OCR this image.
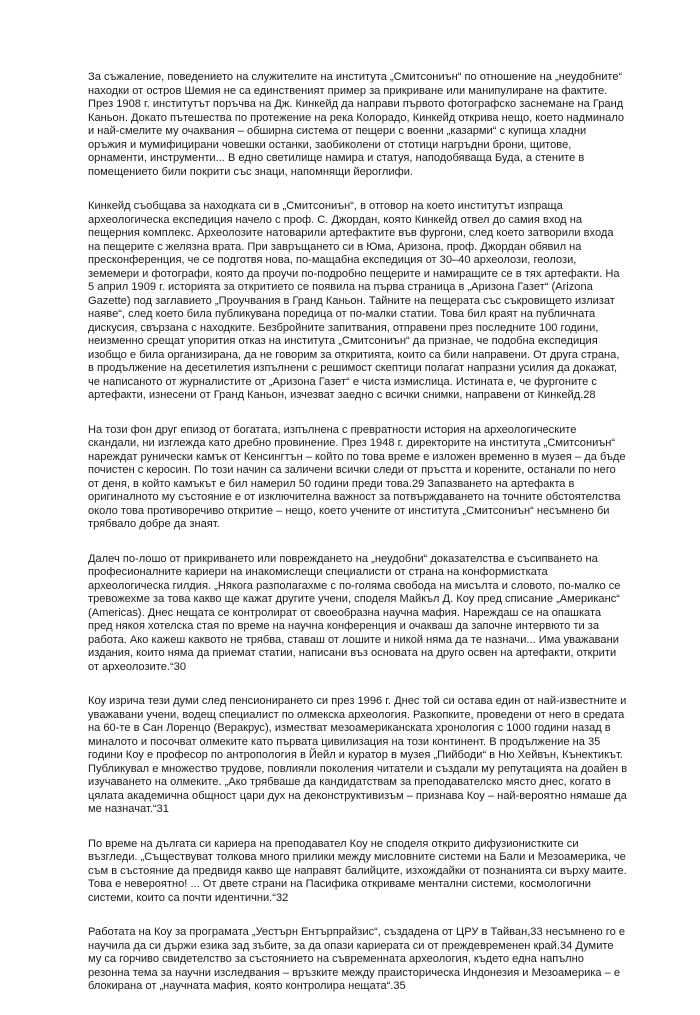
За съжаление, поведението на служителите на института „Смитсониън“ по отношение на „неудобните“ находки от остров Шемия не са единственият пример за прикриване или манипулиране на фактите. През 1908 г. институтът поръчва на Дж. Кинкейд да направи първото фотографско заснемане на Гранд Каньон. Докато пътешества по протежение на река Колорадо, Кинкейд открива нещо, което надминало и най-смелите му очаквания – обширна система от пещери с военни „казарми“ с купища хладни оръжия и мумифицирани човешки останки, заобиколени от стотици нагръдни брони, щитове, орнаменти, инструменти... В едно светилище намира и статуя, наподобяваща Буда, а стените в помещението били покрити със знаци, напомнящи йероглифи.

Кинкейд съобщава за находката си в „Смитсониън“, в отговор на което институтът изпраща археологическа експедиция начело с проф. С. Джордан, която Кинкейд отвел до самия вход на пещерния комплекс. Археолозите натоварили артефактите във фургони, след което затворили входа на пещерите с желязна врата. При завръщането си в Юма, Аризона, проф. Джордан обявил на пресконференция, че се подготвя нова, по-мащабна експедиция от 30–40 археолози, геолози, земемери и фотографи, която да проучи по-подробно пещерите и намиращите се в тях артефакти. На 5 април 1909 г. историята за откритието се появила на първа страница в „Аризона Газет“ (Arizona Gazette) под заглавието „Проучвания в Гранд Каньон. Тайните на пещерата със съкровището излизат наяве“, след което била публикувана поредица от по-малки статии. Това бил краят на публичната дискусия, свързана с находките. Безбройните запитвания, отправени през последните 100 години, неизменно срещат упорития отказ на института „Смитсониън“ да признае, че подобна експедиция изобщо е била организирана, да не говорим за откритията, които са били направени. От друга страна, в продължение на десетилетия изпълнени с решимост скептици полагат напразни усилия да докажат, че написаното от журналистите от „Аризона Газет“ е чиста измислица. Истината е, че фургоните с артефакти, изнесени от Гранд Каньон, изчезват заедно с всички снимки, направени от Кинкейд.28

На този фон друг епизод от богатата, изпълнена с превратности история на археологическите скандали, ни изглежда като дребно провинение. През 1948 г. директорите на института „Смитсониън“ нареждат рунически камък от Кенсингтън – който по това време е изложен временно в музея – да бъде почистен с керосин. По този начин са заличени всички следи от пръстта и корените, останали по него от деня, в който камъкът е бил намерил 50 години преди това.29 Запазването на артефакта в оригиналното му състояние е от изключителна важност за потвърждаването на точните обстоятелства около това противоречиво откритие – нещо, което учените от института „Смитсониън“ несъмнено би трябвало добре да знаят.

Далеч по-лошо от прикриването или повреждането на „неудобни“ доказателства е съсипването на професионалните кариери на инакомислещи специалисти от страна на конформистката археологическа гилдия. „Някога разполагахме с по-голяма свобода на мисълта и словото, по-малко се тревожехме за това какво ще кажат другите учени, споделя Майкъл Д. Коу пред списание „Американс“ (Americas). Днес нещата се контролират от своеобразна научна мафия. Нареждаш се на опашката пред някоя хотелска стая по време на научна конференция и очакваш да започне интервюто ти за работа. Ако кажеш каквото не трябва, ставаш от лошите и никой няма да те назначи... Има уважавани издания, които няма да приемат статии, написани въз основата на друго освен на артефакти, открити от археолозите.“30

Коу изрича тези думи след пенсионирането си през 1996 г. Днес той си остава един от най-известните и уважавани учени, водещ специалист по олмекска археология. Разкопките, проведени от него в средата на 60-те в Сан Лоренцо (Веракрус), изместват мезоамериканската хронология с 1000 години назад в миналото и посочват олмеките като първата цивилизация на този континент. В продължение на 35 години Коу е професор по антропология в Йейл и куратор в музея „Пийбоди“ в Ню Хейвън, Кънектикът. Публикувал е множество трудове, повлияли поколения читатели и създали му репутацията на доайен в изучаването на олмеките. „Ако трябваше да кандидатствам за преподавателско място днес, когато в цялата академична общност цари дух на деконструктивизъм – признава Коу – най-вероятно нямаше да ме назначат.“31

По време на дългата си кариера на преподавател Коу не споделя открито дифузионистките си възгледи. „Съществуват толкова много прилики между мисловните системи на Бали и Мезоамерика, че съм в състояние да предвидя какво ще направят балийците, изхождайки от познанията си върху маите. Това е невероятно! ... От двете страни на Пасифика откриваме ментални системи, космологични системи, които са почти идентични.“32

Работата на Коу за програмата „Уестърн Ентърпрайзис“, създадена от ЦРУ в Тайван,33 несъмнено го е научила да си държи езика зад зъбите, за да опази кариерата си от преждевременен край.34 Думите му са горчиво свидетелство за състоянието на съвременната археология, където една напълно резонна тема за научни изследвания – връзките между праисторическа Индонезия и Мезоамерика – е блокирана от „научната мафия, която контролира нещата“.35
